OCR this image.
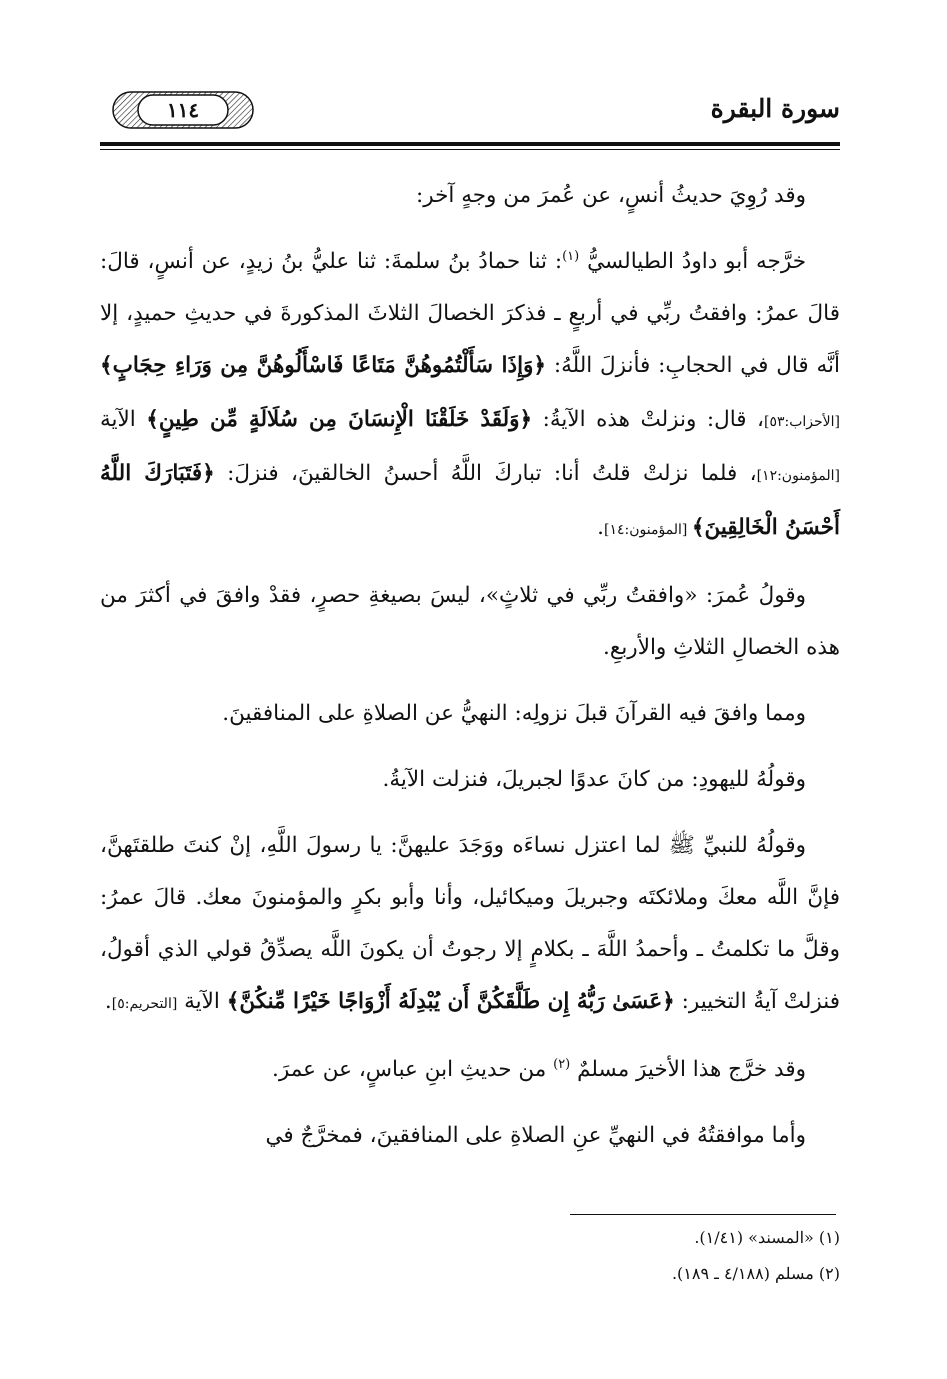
سورة البقرة
١١٤

وقد رُوِيَ حديثُ أنسٍ، عن عُمرَ من وجهٍ آخر:

خرَّجه أبو داودُ الطيالسيُّ $^{(١)}$: ثنا حمادُ بنُ سلمةَ: ثنا عليُّ بنُ زيدٍ، عن أنسٍ، قالَ: قالَ عمرُ: وافقتُ ربِّي في أربعٍ ـ فذكرَ الخصالَ الثلاثَ المذكورةَ في حديثِ حميدٍ، إلا أنَّه قال في الحجابِ: فأنزلَ اللَّهُ: ﴿وَإِذَا سَأَلْتُمُوهُنَّ مَتَاعًا فَاسْأَلُوهُنَّ مِن وَرَاءِ حِجَابٍ﴾ [الأحزاب:٥٣]، قال: ونزلتْ هذه الآيةُ: ﴿وَلَقَدْ خَلَقْنَا الْإِنسَانَ مِن سُلَالَةٍ مِّن طِينٍ﴾ الآية [المؤمنون:١٢]، فلما نزلتْ قلتُ أنا: تباركَ اللَّهُ أحسنُ الخالقينَ، فنزلَ: ﴿فَتَبَارَكَ اللَّهُ أَحْسَنُ الْخَالِقِينَ﴾ [المؤمنون:١٤].

وقولُ عُمرَ: «وافقتُ ربِّي في ثلاثٍ»، ليسَ بصيغةِ حصرٍ، فقدْ وافقَ في أكثرَ من هذه الخصالِ الثلاثِ والأربعِ.

ومما وافقَ فيه القرآنَ قبلَ نزولِه: النهيُّ عن الصلاةِ على المنافقينَ.

وقولُهُ لليهودِ: من كانَ عدوًا لجبريلَ، فنزلت الآيةُ.

وقولُهُ للنبيِّ ﷺ لما اعتزل نساءَه ووَجَدَ عليهنَّ: يا رسولَ اللَّهِ، إنْ كنتَ طلقتَهنَّ، فإنَّ اللَّه معكَ وملائكتَه وجبريلَ وميكائيل، وأنا وأبو بكرٍ والمؤمنونَ معك. قالَ عمرُ: وقلَّ ما تكلمتُ ـ وأحمدُ اللَّهَ ـ بكلامٍ إلا رجوتُ أن يكونَ اللَّه يصدِّقُ قولي الذي أقولُ، فنزلتْ آيةُ التخيير: ﴿عَسَىٰ رَبُّهُ إِن طَلَّقَكُنَّ أَن يُبْدِلَهُ أَزْوَاجًا خَيْرًا مِّنكُنَّ﴾ الآية [التحريم:٥].

وقد خرَّج هذا الأخيرَ مسلمٌ $^{(٢)}$ من حديثِ ابنِ عباسٍ، عن عمرَ.

وأما موافقتُهُ في النهيِّ عنِ الصلاةِ على المنافقينَ، فمخرَّجٌ في

(١) «المسند» (١/٤١).
(٢) مسلم (٤/١٨٨ ـ ١٨٩).
